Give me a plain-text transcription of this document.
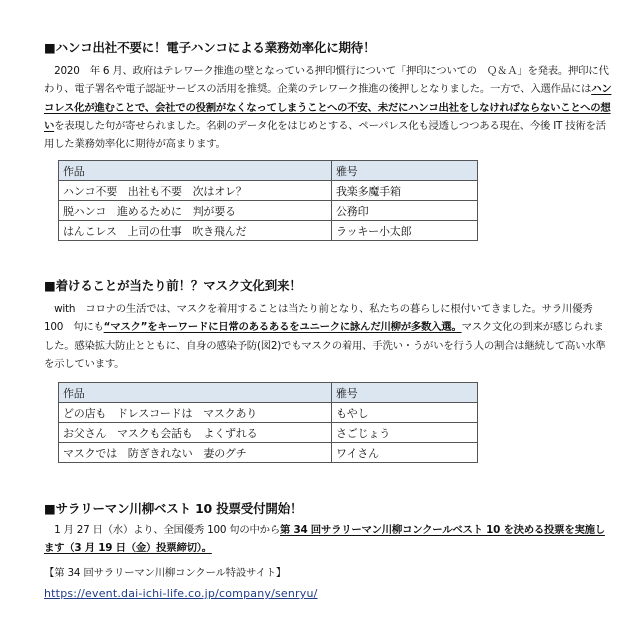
■ハンコ出社不要に！電子ハンコによる業務効率化に期待！
　2020　年 6 月、政府はテレワーク推進の壁となっている押印慣行について「押印についての　Ｑ＆Ａ」を発表。押印に代わり、電子署名や電子認証サービスの活用を推奨。企業のテレワーク推進の後押しとなりました。一方で、入選作品にはハンコレス化が進むことで、会社での役割がなくなってしまうことへの不安、未だにハンコ出社をしなければならないことへの想いを表現した句が寄せられました。名刺のデータ化をはじめとする、ペーパレス化も浸透しつつある現在、今後 IT 技術を活用した業務効率化に期待が高まります。
作品	雅号
ハンコ不要　出社も不要　次はオレ？	我楽多魔手箱
脱ハンコ　進めるために　判が要る	公務印
はんこレス　上司の仕事　吹き飛んだ	ラッキー小太郎
■着けることが当たり前！？マスク文化到来！
　with　コロナの生活では、マスクを着用することは当たり前となり、私たちの暮らしに根付いてきました。サラ川優秀 100　句にも“マスク”をキーワードに日常のあるあるをユニークに詠んだ川柳が多数入選。マスク文化の到来が感じられました。感染拡大防止とともに、自身の感染予防(図2)でもマスクの着用、手洗い・うがいを行う人の割合は継続して高い水準を示しています。
作品	雅号
どの店も　ドレスコードは　マスクあり	もやし
お父さん　マスクも会話も　よくずれる	さごじょう
マスクでは　防ぎきれない　妻のグチ	ワイさん
■サラリーマン川柳ベスト 10 投票受付開始！
　1 月 27 日（水）より、全国優秀 100 句の中から第 34 回サラリーマン川柳コンクールベスト 10 を決める投票を実施します（3 月 19 日（金）投票締切）。
【第 34 回サラリーマン川柳コンクール特設サイト】
https://event.dai-ichi-life.co.jp/company/senryu/
